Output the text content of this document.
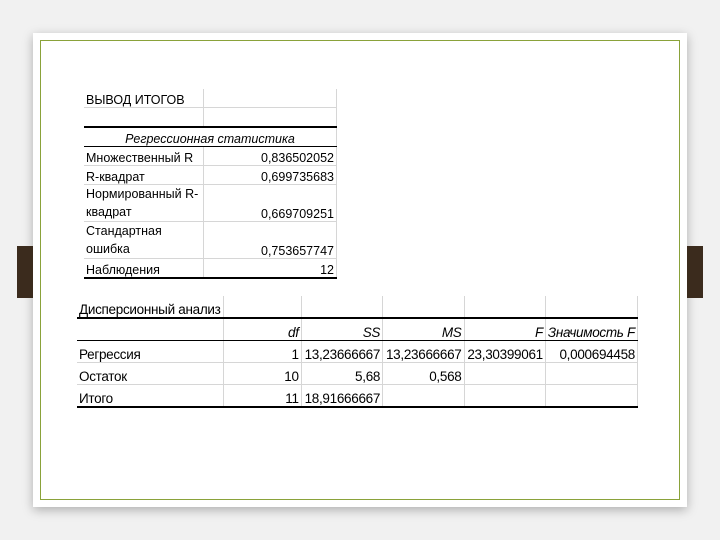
ВЫВОД ИТОГОВ	

Регрессионная статистика	
Множественный R	0,836502052
R-квадрат	0,699735683
Нормированный R-квадрат	0,669709251
Стандартная ошибка	0,753657747
Наблюдения	12
Дисперсионный анализ					
	df	SS	MS	F	Значимость F
Регрессия	1	13,23666667	13,23666667	23,30399061	0,000694458
Остаток	10	5,68	0,568		
Итого	11	18,91666667			
